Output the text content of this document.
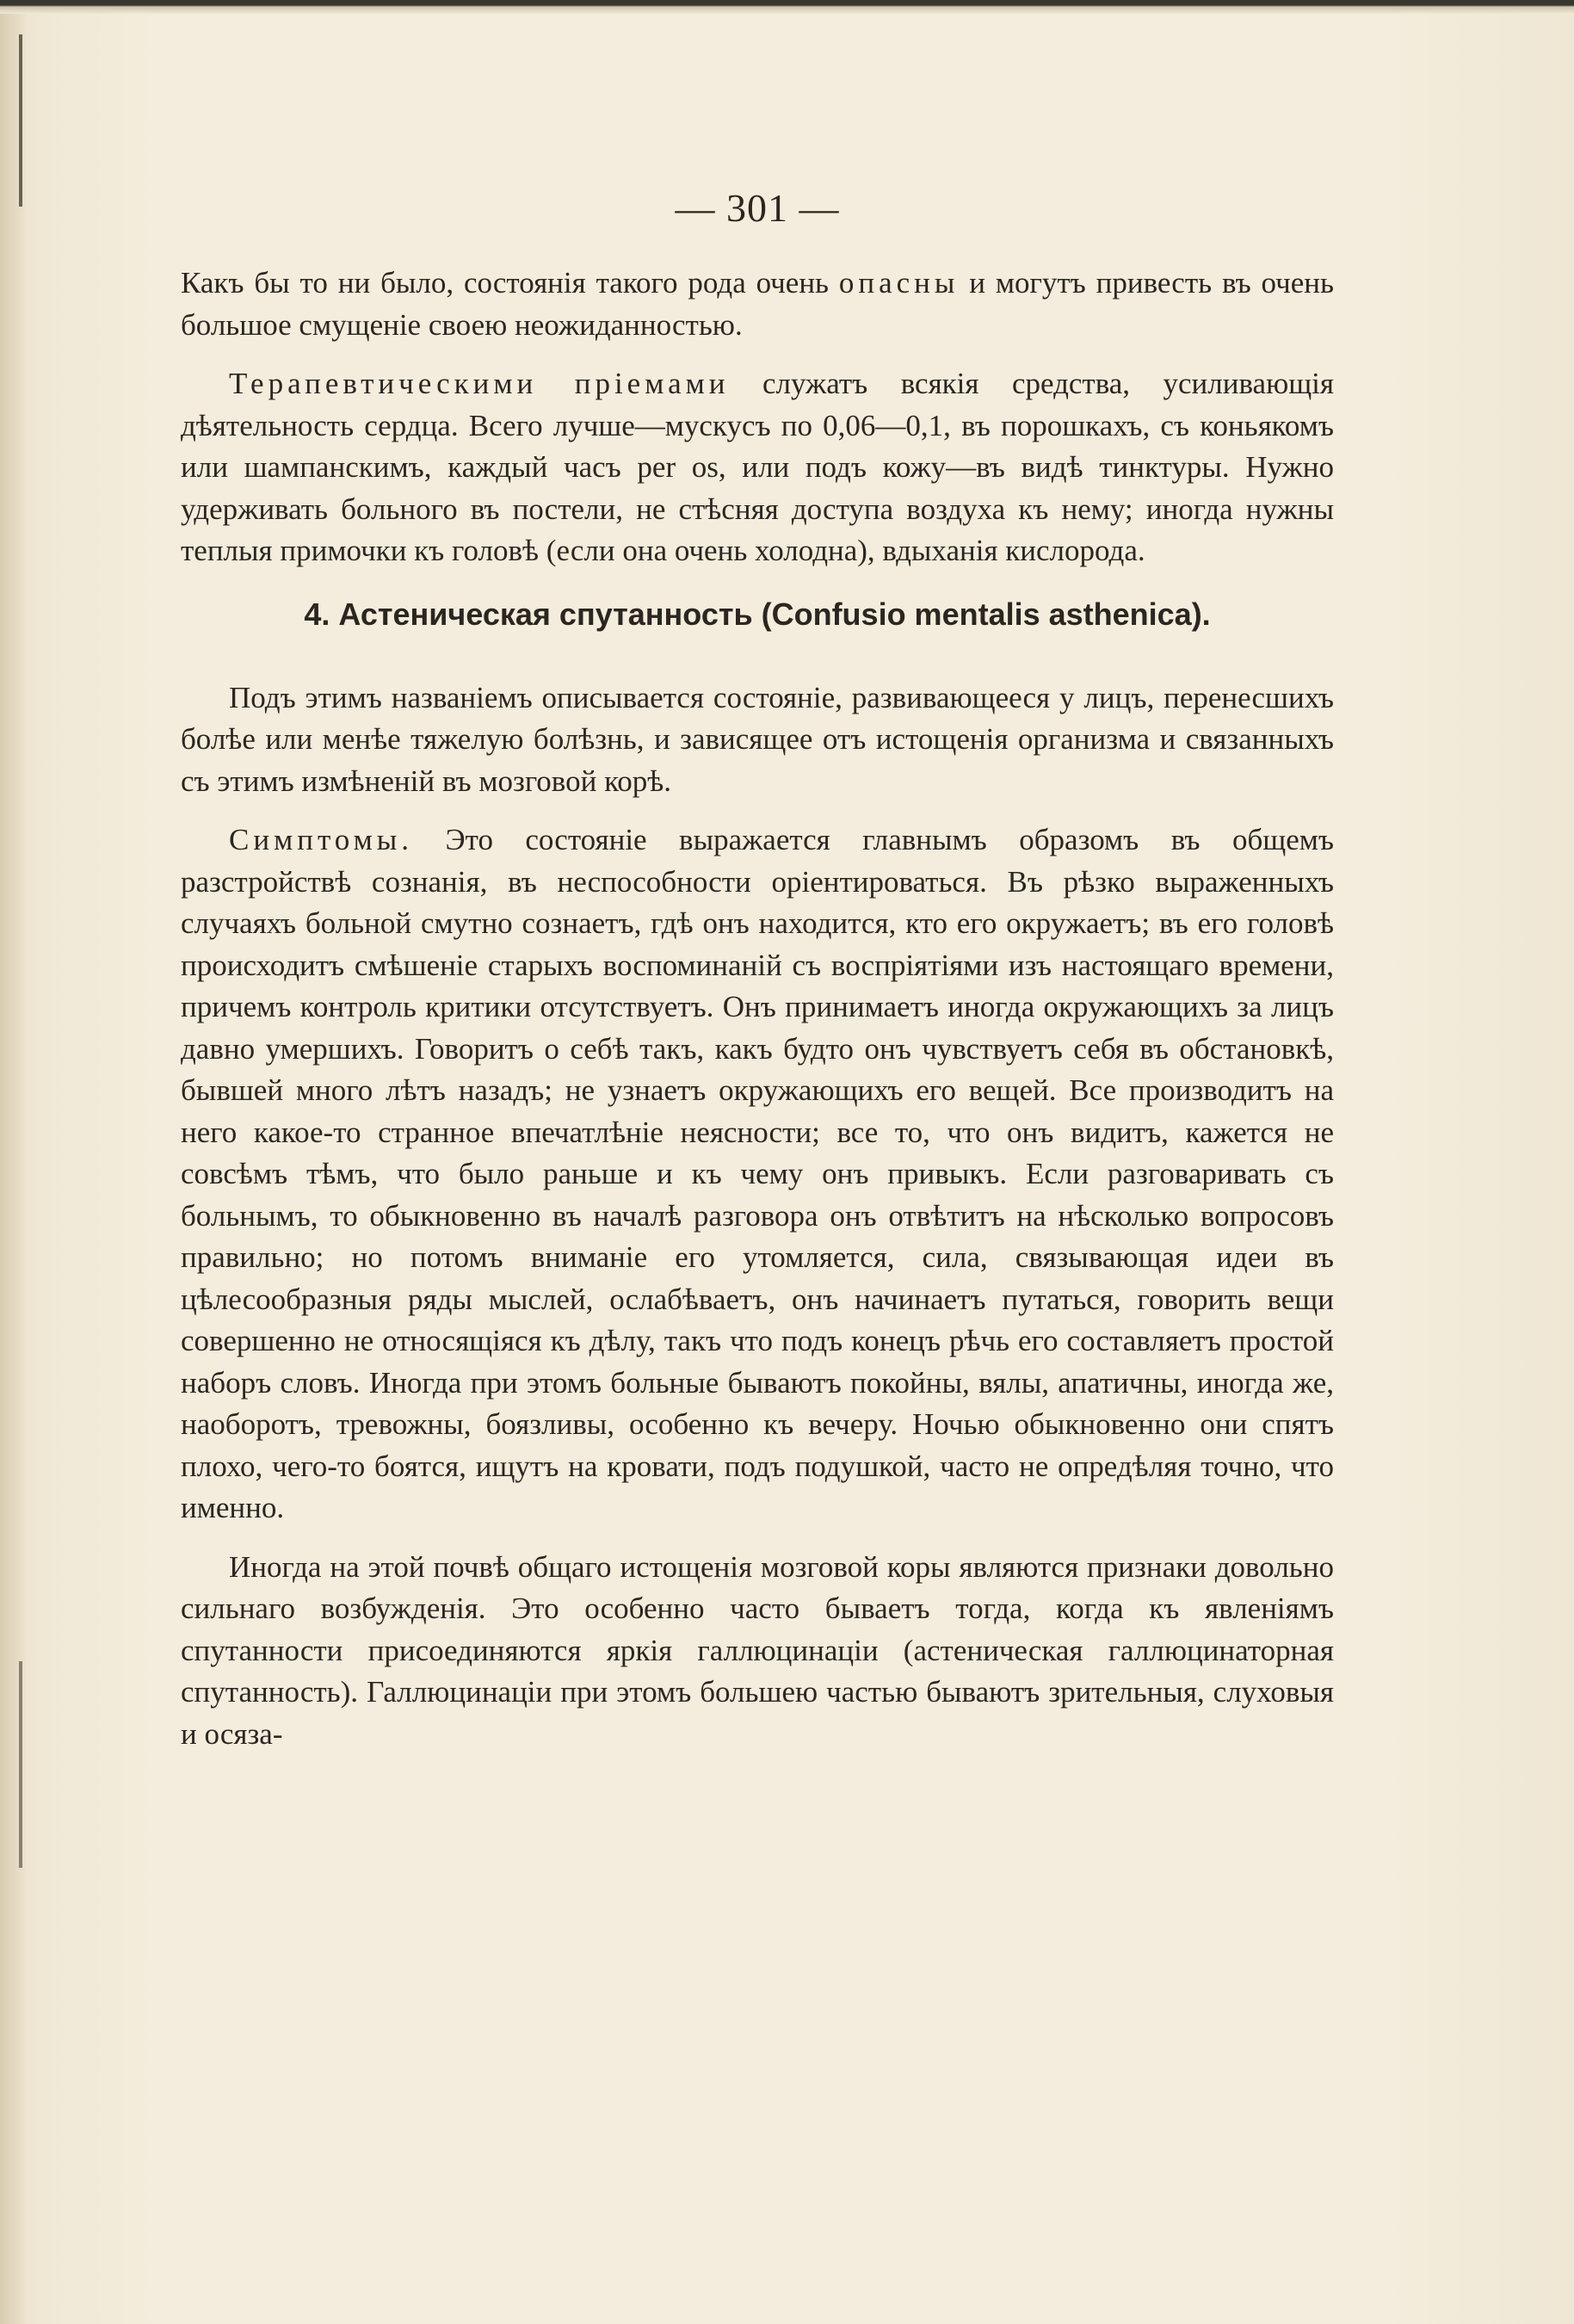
— 301 —

Какъ бы то ни было, состоянія такого рода очень опасны и могутъ привесть въ очень большое смущеніе своею неожиданностью.

Терапевтическими пріемами служатъ всякія средства, усиливающія дѣятельность сердца. Всего лучше—мускусъ по 0,06—0,1, въ порошкахъ, съ коньякомъ или шампанскимъ, каждый часъ per os, или подъ кожу—въ видѣ тинктуры. Нужно удерживать больного въ постели, не стѣсняя доступа воздуха къ нему; иногда нужны теплыя примочки къ головѣ (если она очень холодна), вдыханія кислорода.

4. Астеническая спутанность (Confusio mentalis asthenica).

Подъ этимъ названіемъ описывается состояніе, развивающееся у лицъ, перенесшихъ болѣе или менѣе тяжелую болѣзнь, и зависящее отъ истощенія организма и связанныхъ съ этимъ измѣненій въ мозговой корѣ.

Симптомы. Это состояніе выражается главнымъ образомъ въ общемъ разстройствѣ сознанія, въ неспособности оріентироваться. Въ рѣзко выраженныхъ случаяхъ больной смутно сознаетъ, гдѣ онъ находится, кто его окружаетъ; въ его головѣ происходитъ смѣшеніе старыхъ воспоминаній съ воспріятіями изъ настоящаго времени, причемъ контроль критики отсутствуетъ. Онъ принимаетъ иногда окружающихъ за лицъ давно умершихъ. Говоритъ о себѣ такъ, какъ будто онъ чувствуетъ себя въ обстановкѣ, бывшей много лѣтъ назадъ; не узнаетъ окружающихъ его вещей. Все производитъ на него какое-то странное впечатлѣніе неясности; все то, что онъ видитъ, кажется не совсѣмъ тѣмъ, что было раньше и къ чему онъ привыкъ. Если разговаривать съ больнымъ, то обыкновенно въ началѣ разговора онъ отвѣтитъ на нѣсколько вопросовъ правильно; но потомъ вниманіе его утомляется, сила, связывающая идеи въ цѣлесообразныя ряды мыслей, ослабѣваетъ, онъ начинаетъ путаться, говорить вещи совершенно не относящіяся къ дѣлу, такъ что подъ конецъ рѣчь его составляетъ простой наборъ словъ. Иногда при этомъ больные бываютъ покойны, вялы, апатичны, иногда же, наоборотъ, тревожны, боязливы, особенно къ вечеру. Ночью обыкновенно они спятъ плохо, чего-то боятся, ищутъ на кровати, подъ подушкой, часто не опредѣляя точно, что именно.

Иногда на этой почвѣ общаго истощенія мозговой коры являются признаки довольно сильнаго возбужденія. Это особенно часто бываетъ тогда, когда къ явленіямъ спутанности присоединяются яркія галлюцинаціи (астеническая галлюцинаторная спутанность). Галлюцинаціи при этомъ большею частью бываютъ зрительныя, слуховыя и осяза-
